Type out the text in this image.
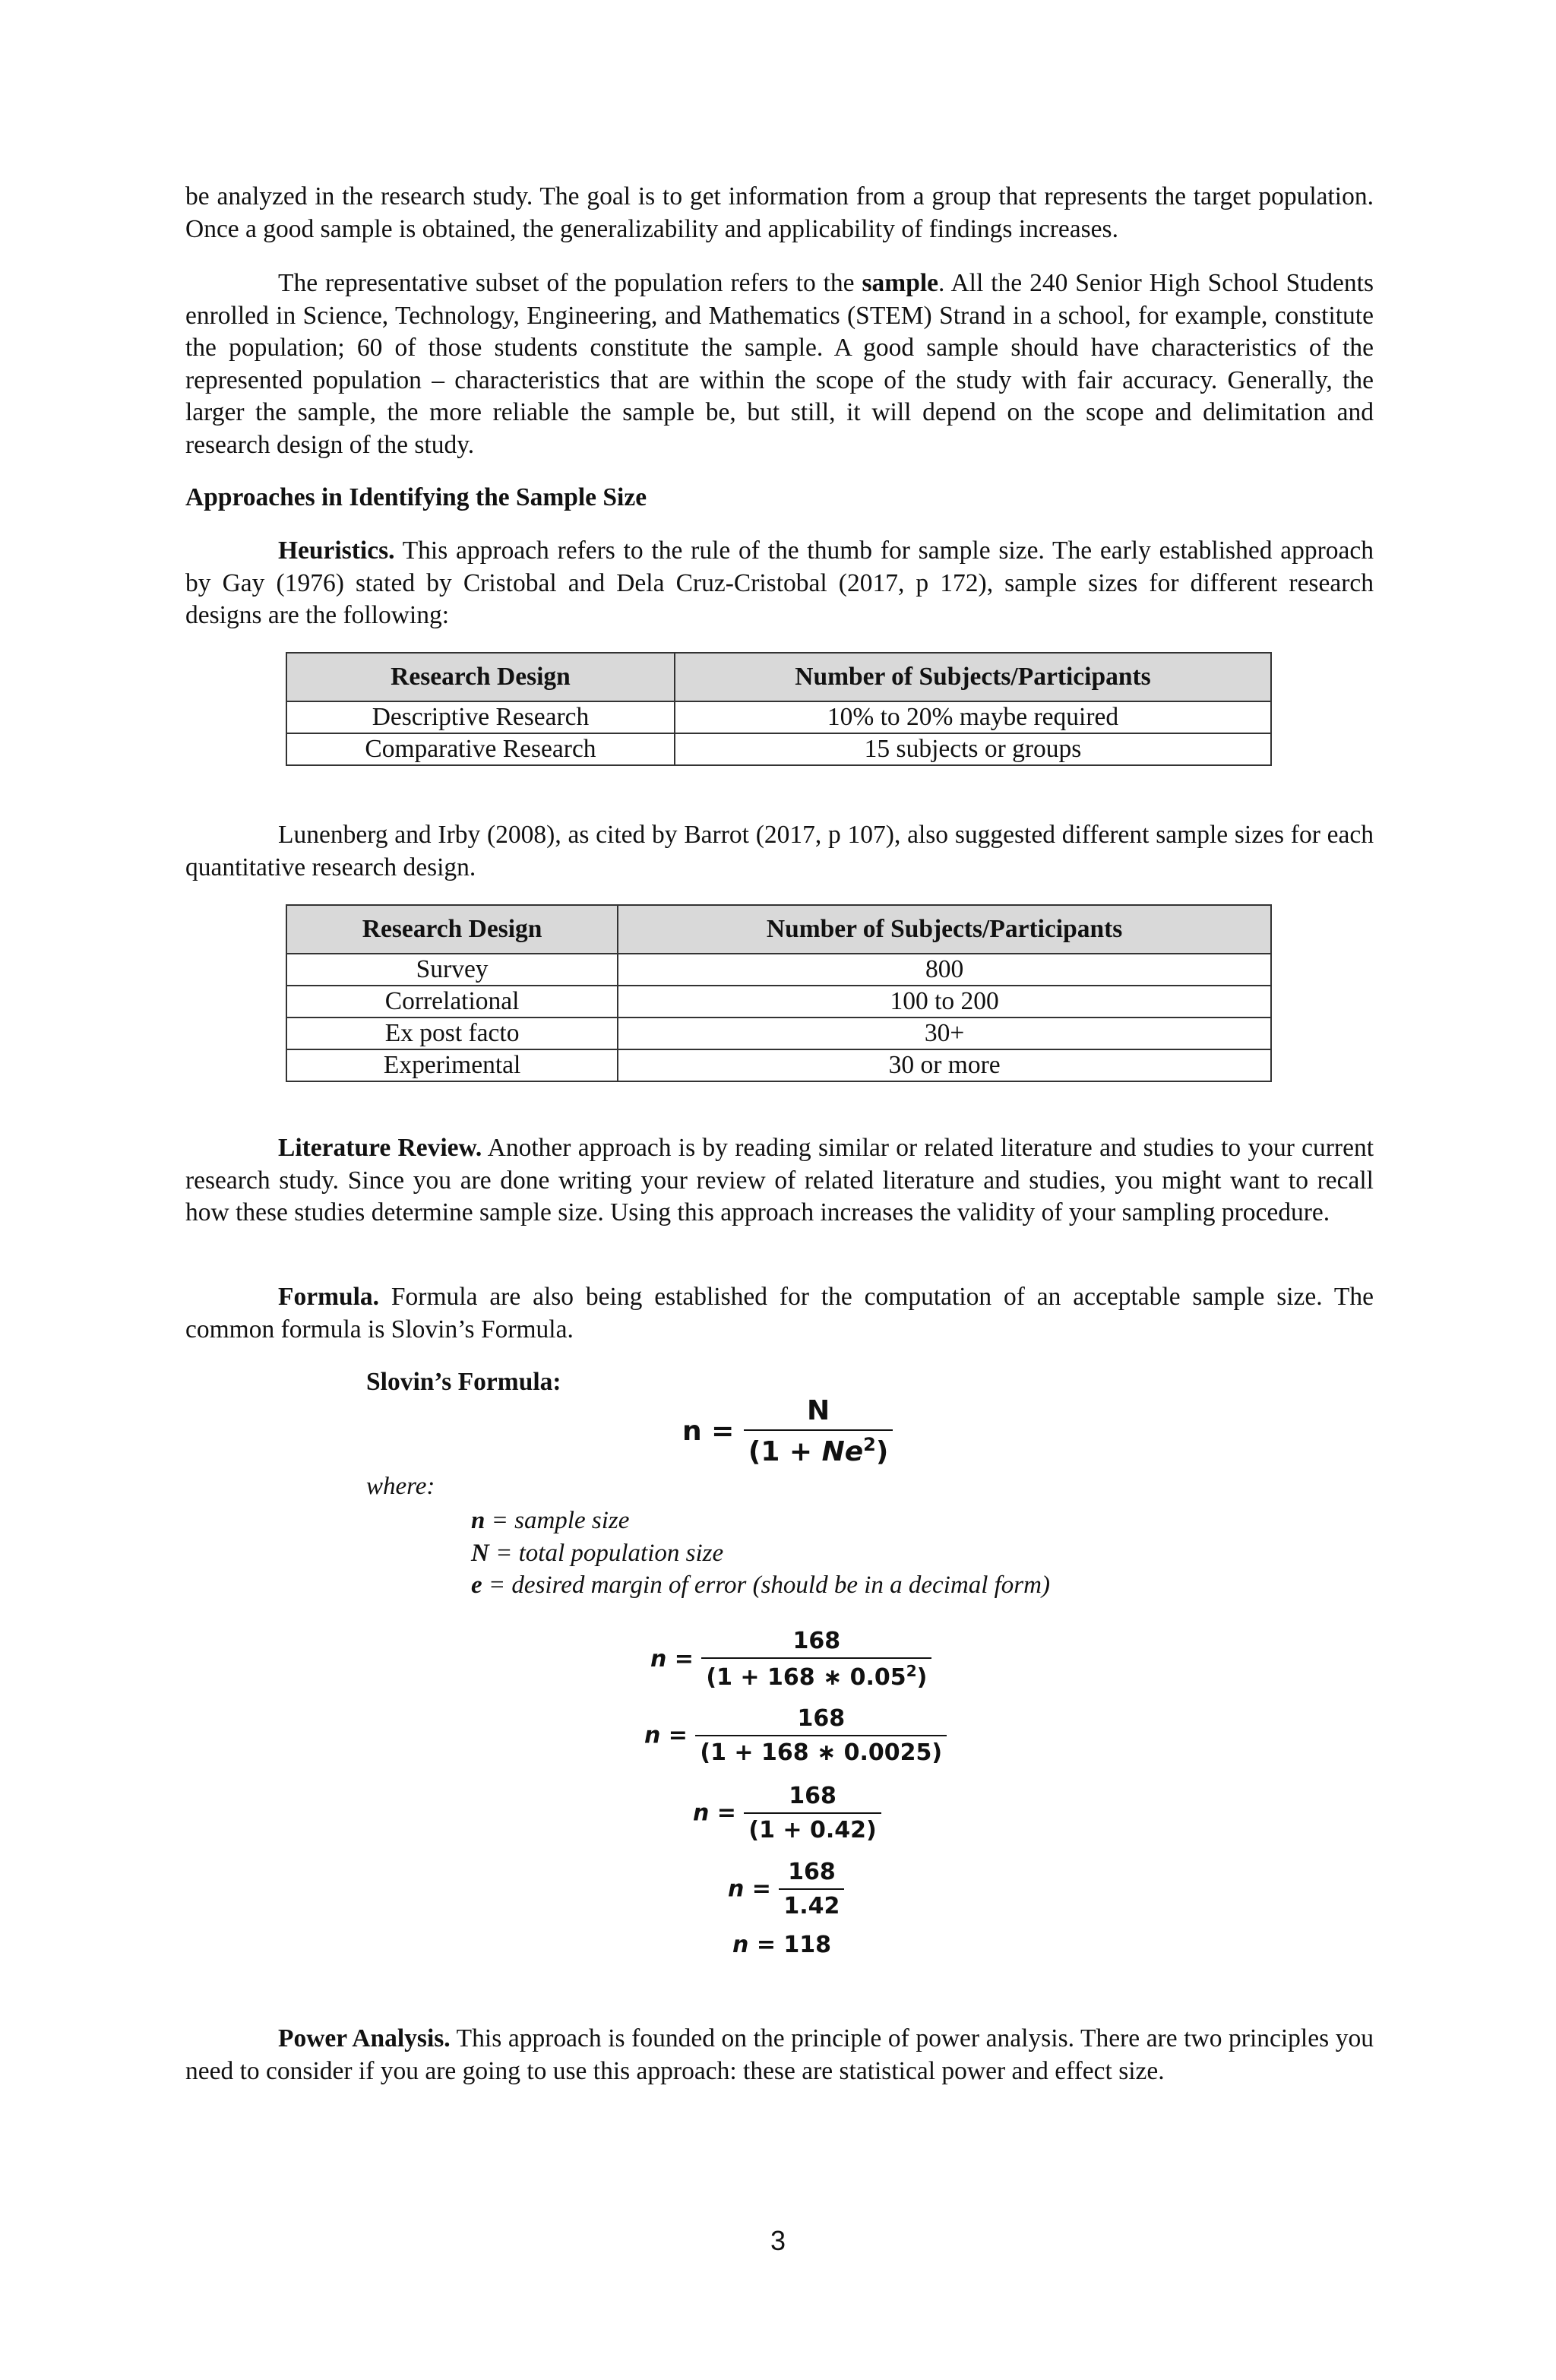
be analyzed in the research study. The goal is to get information from a group that represents the target population. Once a good sample is obtained, the generalizability and applicability of findings increases.

The representative subset of the population refers to the sample. All the 240 Senior High School Students enrolled in Science, Technology, Engineering, and Mathematics (STEM) Strand in a school, for example, constitute the population; 60 of those students constitute the sample. A good sample should have characteristics of the represented population – characteristics that are within the scope of the study with fair accuracy. Generally, the larger the sample, the more reliable the sample be, but still, it will depend on the scope and delimitation and research design of the study.

Approaches in Identifying the Sample Size

Heuristics. This approach refers to the rule of the thumb for sample size. The early established approach by Gay (1976) stated by Cristobal and Dela Cruz-Cristobal (2017, p 172), sample sizes for different research designs are the following:

Research Design	Number of Subjects/Participants
Descriptive Research	10% to 20% maybe required
Comparative Research	15 subjects or groups

Lunenberg and Irby (2008), as cited by Barrot (2017, p 107), also suggested different sample sizes for each quantitative research design.

Research Design	Number of Subjects/Participants
Survey	800
Correlational	100 to 200
Ex post facto	30+
Experimental	30 or more

Literature Review. Another approach is by reading similar or related literature and studies to your current research study. Since you are done writing your review of related literature and studies, you might want to recall how these studies determine sample size. Using this approach increases the validity of your sampling procedure.

Formula. Formula are also being established for the computation of an acceptable sample size. The common formula is Slovin’s Formula.

Slovin’s Formula:
$n = \frac{N}{(1 + Ne^2)}$
where:
n = sample size
N = total population size
e = desired margin of error (should be in a decimal form)
$n = \frac{168}{(1 + 168 ∗ 0.05^2)}$
$n = \frac{168}{(1 + 168 ∗ 0.0025)}$
$n = \frac{168}{(1 + 0.42)}$
$n = \frac{168}{1.42}$
n = 118

Power Analysis. This approach is founded on the principle of power analysis. There are two principles you need to consider if you are going to use this approach: these are statistical power and effect size.

3
